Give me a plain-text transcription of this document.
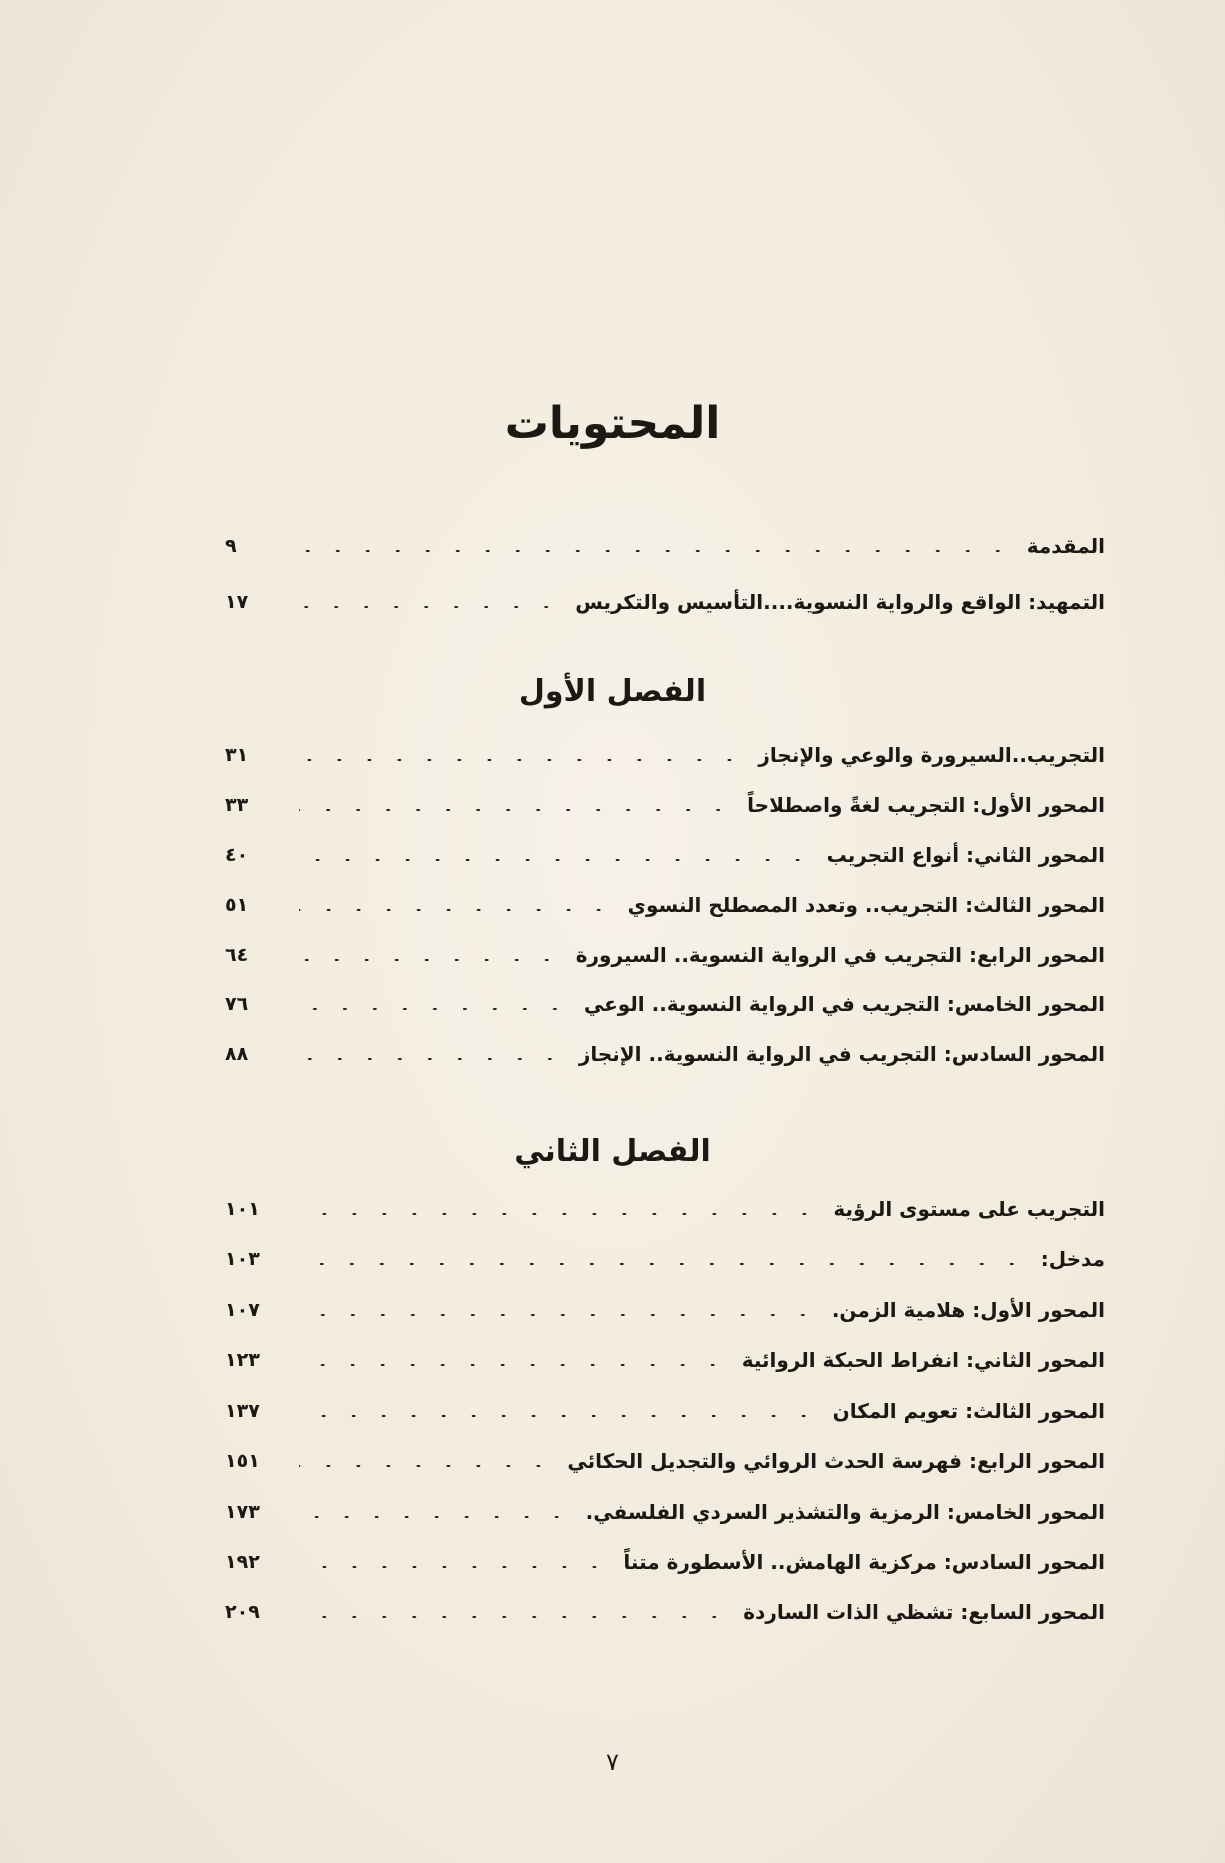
المحتويات
المقدمة
٩
التمهيد: الواقع والرواية النسوية....التأسيس والتكريس
١٧
الفصل الأول
التجريب..السيرورة والوعي والإنجاز
٣١
المحور الأول: التجريب لغةً واصطلاحاً
٣٣
المحور الثاني: أنواع التجريب
٤٠
المحور الثالث: التجريب.. وتعدد المصطلح النسوي
٥١
المحور الرابع: التجريب في الرواية النسوية.. السيرورة
٦٤
المحور الخامس: التجريب في الرواية النسوية.. الوعي
٧٦
المحور السادس: التجريب في الرواية النسوية.. الإنجاز
٨٨
الفصل الثاني
التجريب على مستوى الرؤية
١٠١
مدخل:
١٠٣
المحور الأول: هلامية الزمن.
١٠٧
المحور الثاني: انفراط الحبكة الروائية
١٢٣
المحور الثالث: تعويم المكان
١٣٧
المحور الرابع: فهرسة الحدث الروائي والتجديل الحكائي
١٥١
المحور الخامس: الرمزية والتشذير السردي الفلسفي.
١٧٣
المحور السادس: مركزية الهامش.. الأسطورة متناً
١٩٢
المحور السابع: تشظي الذات الساردة
٢٠٩
٧
